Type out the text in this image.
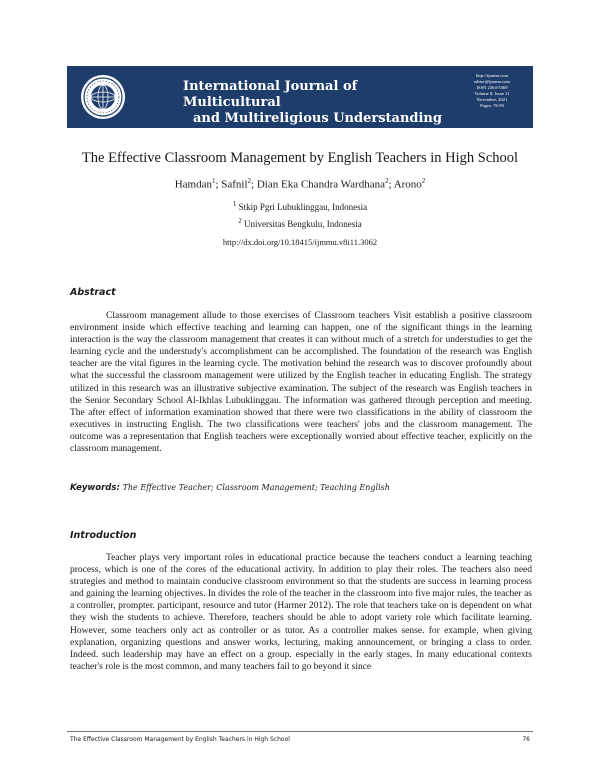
International Journal of Multicultural
and Multireligious Understanding
http://ijmmu.com
editor@ijmmu.com
ISSN 2364-5369
Volume 8, Issue 11
November, 2021
Pages: 76-83
The Effective Classroom Management by English Teachers in High School
Hamdan$^1$; Safnil$^2$; Dian Eka Chandra Wardhana$^2$; Arono$^2$
$^1$ Stkip Pgri Lubuklinggau, Indonesia
$^2$ Universitas Bengkulu, Indonesia
http://dx.doi.org/10.18415/ijmmu.v8i11.3062
Abstract

Classroom management allude to those exercises of Classroom teachers Visit establish a positive classroom environment inside which effective teaching and learning can happen, one of the significant things in the learning interaction is the way the classroom management that creates it can without much of a stretch for understudies to get the learning cycle and the understudy's accomplishment can be accomplished. The foundation of the research was English teacher are the vital figures in the learning cycle. The motivation behind the research was to discover profoundly about what the successful the classroom management were utilized by the English teacher in educating English. The strategy utilized in this research was an illustrative subjective examination. The subject of the research was English teachers in the Senior Secondary School Al-Ikhlas Lubuklinggau. The information was gathered through perception and meeting. The after effect of information examination showed that there were two classifications in the ability of classroom the executives in instructing English. The two classifications were teachers' jobs and the classroom management. The outcome was a representation that English teachers were exceptionally worried about effective teacher, explicitly on the classroom management.

Keywords: The Effective Teacher; Classroom Management; Teaching English
Introduction

Teacher plays very important roles in educational practice because the teachers conduct a learning teaching process, which is one of the cores of the educational activity. In addition to play their roles. The teachers also need strategies and method to maintain conducive classroom environment so that the students are success in learning process and gaining the learning objectives. In divides the role of the teacher in the classroom into five major rules, the teacher as a controller, prompter. participant, resource and tutor (Harmer 2012). The role that teachers take on is dependent on what they wish the students to achieve. Therefore, teachers should be able to adopt variety role which facilitate learning. However, some teachers only act as controller or as tutor. As a controller makes sense. for example, when giving explanation, organizing questions and answer works, lecturing, making announcement, or bringing a class to order. Indeed. such leadership may have an effect on a group. especially in the early stages. In many educational contexts teacher's role is the most common, and many teachers fail to go beyond it since

The Effective Classroom Management by English Teachers in High School	76
